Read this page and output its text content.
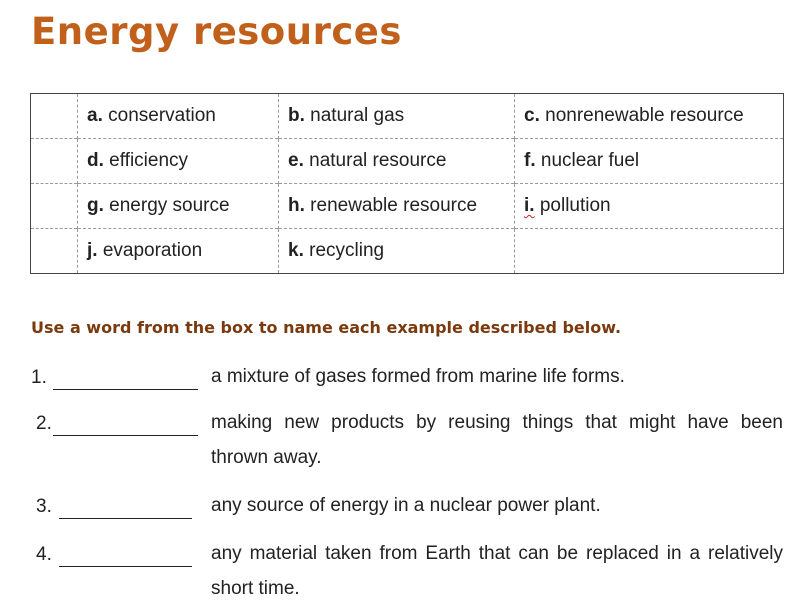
Energy resources
	a. conservation	b. natural gas	c. nonrenewable resource
	d. efficiency	e. natural resource	f. nuclear fuel
	g. energy source	h. renewable resource	i. pollution
	j. evaporation	k. recycling	

Use a word from the box to name each example described below.

1.	a mixture of gases formed from marine life forms.
2.	making new products by reusing things that might have been thrown away.
3.	any source of energy in a nuclear power plant.
4.	any material taken from Earth that can be replaced in a relatively short time.
